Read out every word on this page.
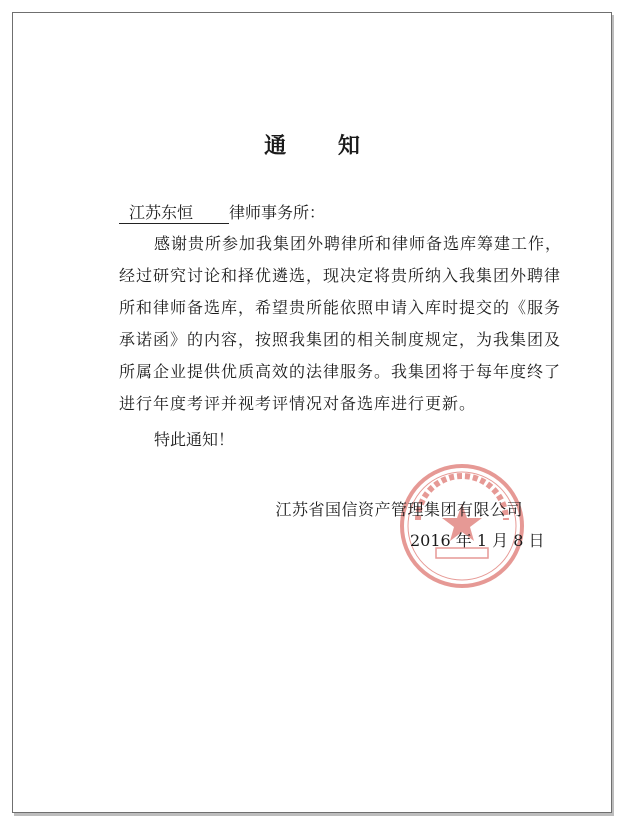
通 知
江苏东恒 律师事务所：
感谢贵所参加我集团外聘律所和律师备选库筹建工作，
经过研究讨论和择优遴选，现决定将贵所纳入我集团外聘律
所和律师备选库，希望贵所能依照申请入库时提交的《服务
承诺函》的内容，按照我集团的相关制度规定，为我集团及
所属企业提供优质高效的法律服务。我集团将于每年度终了
进行年度考评并视考评情况对备选库进行更新。
特此通知！
江苏省国信资产管理集团有限公司
2016 年 1 月 8 日
